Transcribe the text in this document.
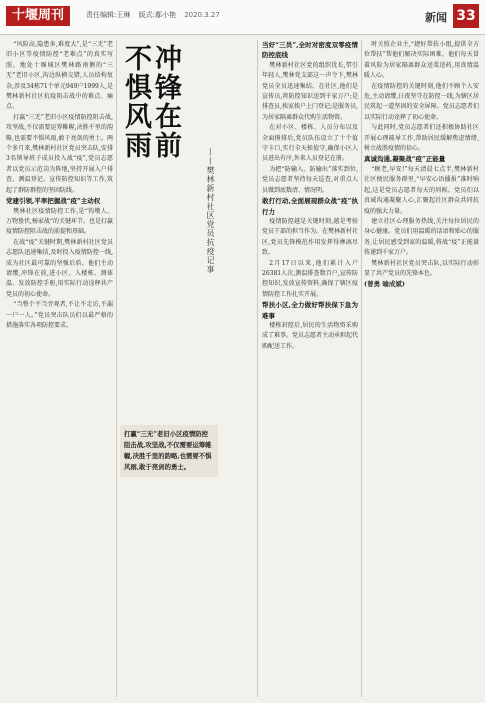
十堰周刊	责任编辑:王琳 版式:鄢小艳 2020.3.27	新闻 33

“风险高,隐患多,难度大”,是“三无”老旧小区等疫情防控“老难点”的真实写照。地处十堰城区樊林路南侧的“三无”老旧小区,沟边纵横交错,人员结构复杂,涉及34栋71个单元949户1999人,是樊林新村社区抗疫阻击战中的难点、痛点。

打赢“三无”老旧小区疫情防控阻击战,攻坚战,不仅需要运筹帷幄,决胜千里的韵略,也需要不惧风雨,敢于亮剑的勇士。两个多月来,樊林新村社区党员突击队,安排3名领导班子成员投入战“疫”,党员志愿者以党员示范岗为阵地,坚持开展入户排查、测温登记、宣传防控知识等工作,筑起了群防群控的坚固防线。

党建引领,平率把握战“疫”主动权

樊林社区疫情防控工作,是“钩墩人、万物蛰伏,杨家战“的关键环节。也是打赢疫情防控阻击战的前提和基础。

在战“疫”关键时期,樊林新村社区党员志愿队迅速集结,及时投入疫情防控一线,成为社区最可靠的坚强后盾。他们主动请缨,冲锋在前,进小区、入楼栋、测体温、发放防控手册,用实际行动诠释共产党员的初心使命。

“当整个不当旁观者,不让不走访,不漏一户一人。”党员突击队员们以最严格的措施落实各项防控要求。

不惧风雨冲锋在前
——樊林新村社区党员抗疫记事
打赢“三无”老旧小区疫情防控阻击战,攻坚战,不仅需要运筹帷幄,决胜千里的韵略,也需要不惧风雨,敢于亮剑的勇士。

当好“三员”,全时对密度双零疫情防控底线

樊林新村社区党的组织优长,带引年轻人,樊林党支部这一声令下,樊林党员全员迅速集结。在社区,他们是宣传员,将防控知识送到千家万户;是排查员,挨家挨户上门登记;是服务员,为居家隔离群众代购生活物资。

在对小区、楼栋、人员分布以及全面摸排后,党员队伍设立了十个值守卡口,实行全天候值守,确保小区人员进出有序,外来人员登记在册。

为把“防输入、防输出”落实到位,党员志愿者坚持每天巡查,对重点人员做到底数清、情况明。

敢打行动,全面展现群众战“疫”执行力

疫情防控越是关键时刻,越是考验党员干部的担当作为。在樊林新村社区,党员先锋模范作用发挥得淋漓尽致。

2月17日以来,他们累计入户26381人次,测温排查数百户,宣传防控知识,发放宣传资料,确保了辖区疫情防控工作扎实开展。

帮扶小区,全力做好帮扶保下急为难事

楼栋封控后,居民的生活物资采购成了难事。党员志愿者主动承担起代购配送工作。

时关照企业主,“捷好帮扶小组,提供全方位帮扶”帮他们解决实际困难。他们每天冒着风险为居家隔离群众送菜送药,用真情温暖人心。

在疫情防控的关键时刻,他们不顾个人安危,主动请缨,日夜坚守在防控一线,为辖区居民筑起一道坚固的安全屏障。党员志愿者们以实际行动诠释了初心使命。

与此同时,党员志愿者们还积极协助社区开展心理疏导工作,帮助居民缓解焦虑情绪,树立战胜疫情的信心。

真诚沟通,凝聚战“疫”正能量

“顾老,早安!”每天清晨七点半,樊林新村社区便民服务群里,“早安心语播报”准时响起,这是党员志愿者每天的问候。党员们以真诚沟通凝聚人心,汇聚起社区群众共同抗疫的强大力量。

建立社区心理服务热线,关注每位居民的身心健康。党员们用温暖的话语和贴心的服务,让居民感受到家的温暖,将战“疫”正能量传递到千家万户。

樊林新村社区党员突击队,以实际行动彰显了共产党员的先锋本色。

(曾勇 喻成斌)
